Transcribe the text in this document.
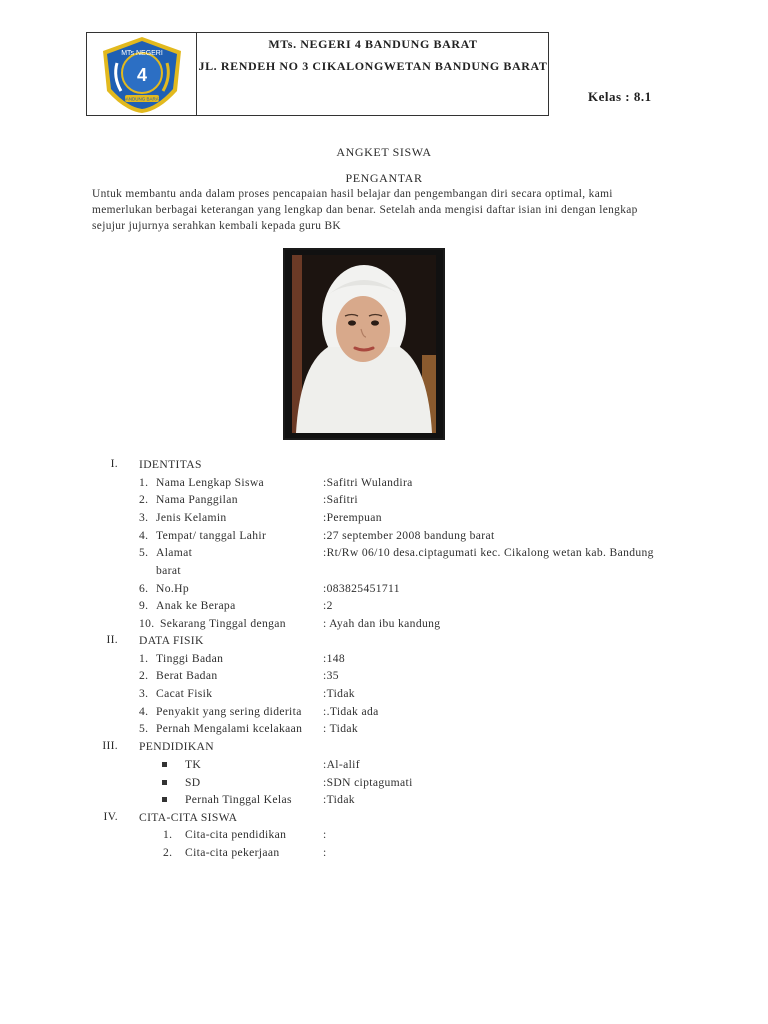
MTs NEGERI
4
BANDUNG BARAT
MTs. NEGERI 4 BANDUNG BARAT
JL. RENDEH NO 3 CIKALONGWETAN BANDUNG BARAT
Kelas : 8.1
ANGKET SISWA
PENGANTAR
Untuk membantu anda dalam proses pencapaian hasil belajar dan pengembangan diri secara optimal, kami
memerlukan berbagai keterangan yang lengkap dan benar. Setelah anda mengisi daftar isian ini dengan lengkap
sejujur jujurnya serahkan kembali kepada guru BK
I. IDENTITAS
1. Nama Lengkap Siswa	:Safitri Wulandira
2. Nama Panggilan	:Safitri
3. Jenis Kelamin	:Perempuan
4. Tempat/ tanggal Lahir	:27 september 2008 bandung barat
5. Alamat	:Rt/Rw 06/10 desa.ciptagumati kec. Cikalong wetan kab. Bandung
barat
6. No.Hp	:083825451711
9. Anak ke Berapa	:2
10. Sekarang Tinggal dengan	: Ayah dan ibu kandung
II. DATA FISIK
1. Tinggi Badan	:148
2. Berat Badan	:35
3. Cacat Fisik	:Tidak
4. Penyakit yang sering diderita :.Tidak ada
5. Pernah Mengalami kcelakaan : Tidak
III. PENDIDIKAN
TK	:Al-alif
SD	:SDN ciptagumati
Pernah Tinggal Kelas	:Tidak
IV. CITA-CITA SISWA
1. Cita-cita pendidikan	:
2. Cita-cita pekerjaan	:
